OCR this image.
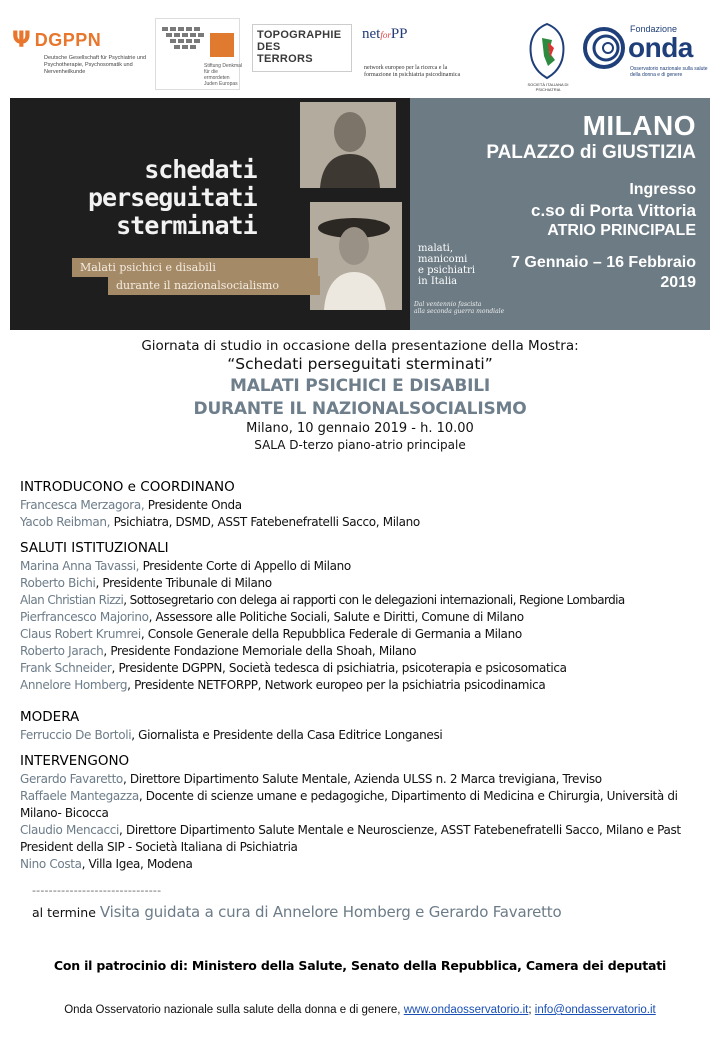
Ψ DGPPN
Deutsche Gesellschaft für Psychiatrie und Psychotherapie, Psychosomatik und Nervenheilkunde
Stiftung Denkmal für die ermordeten Juden Europas
TOPOGRAPHIE
DES
TERRORS
netforPPnetwork europeo per la ricerca e la formazione in psichiatria psicodinamica
SOCIETÀ ITALIANA DI PSICHIATRIA
Fondazione
onda
Osservatorio nazionale sulla salute della donna e di genere
schedati
perseguitati
sterminati
Malati psichici e disabili
durante il nazionalsocialismo
malati,
manicomi
e psichiatri
in Italia
Dal ventennio fascista
alla seconda guerra mondiale
MILANO
PALAZZO di GIUSTIZIA
Ingresso
c.so di Porta Vittoria
ATRIO PRINCIPALE
7 Gennaio – 16 Febbraio
2019
Giornata di studio in occasione della presentazione della Mostra:
“Schedati perseguitati sterminati”
MALATI PSICHICI E DISABILI
DURANTE IL NAZIONALSOCIALISMO
Milano, 10 gennaio 2019 - h. 10.00
SALA D-terzo piano-atrio principale
INTRODUCONO e COORDINANO
Francesca Merzagora, Presidente Onda
Yacob Reibman, Psichiatra, DSMD, ASST Fatebenefratelli Sacco, Milano
SALUTI ISTITUZIONALI
Marina Anna Tavassi, Presidente Corte di Appello di Milano
Roberto Bichi, Presidente Tribunale di Milano
Alan Christian Rizzi, Sottosegretario con delega ai rapporti con le delegazioni internazionali, Regione Lombardia
Pierfrancesco Majorino, Assessore alle Politiche Sociali, Salute e Diritti, Comune di Milano
Claus Robert Krumrei, Console Generale della Repubblica Federale di Germania a Milano
Roberto Jarach, Presidente Fondazione Memoriale della Shoah, Milano
Frank Schneider, Presidente DGPPN, Società tedesca di psichiatria, psicoterapia e psicosomatica
Annelore Homberg, Presidente NETFORPP, Network europeo per la psichiatria psicodinamica
MODERA
Ferruccio De Bortoli, Giornalista e Presidente della Casa Editrice Longanesi
INTERVENGONO
Gerardo Favaretto, Direttore Dipartimento Salute Mentale, Azienda ULSS n. 2 Marca trevigiana, Treviso
Raffaele Mantegazza, Docente di scienze umane e pedagogiche, Dipartimento di Medicina e Chirurgia, Università di Milano- Bicocca
Claudio Mencacci, Direttore Dipartimento Salute Mentale e Neuroscienze, ASST Fatebenefratelli Sacco, Milano e Past President della SIP - Società Italiana di Psichiatria
Nino Costa, Villa Igea, Modena
-------------------------------
al termine Visita guidata a cura di Annelore Homberg e Gerardo Favaretto
Con il patrocinio di: Ministero della Salute, Senato della Repubblica, Camera dei deputati
Onda Osservatorio nazionale sulla salute della donna e di genere, www.ondaosservatorio.it; info@ondasservatorio.it
